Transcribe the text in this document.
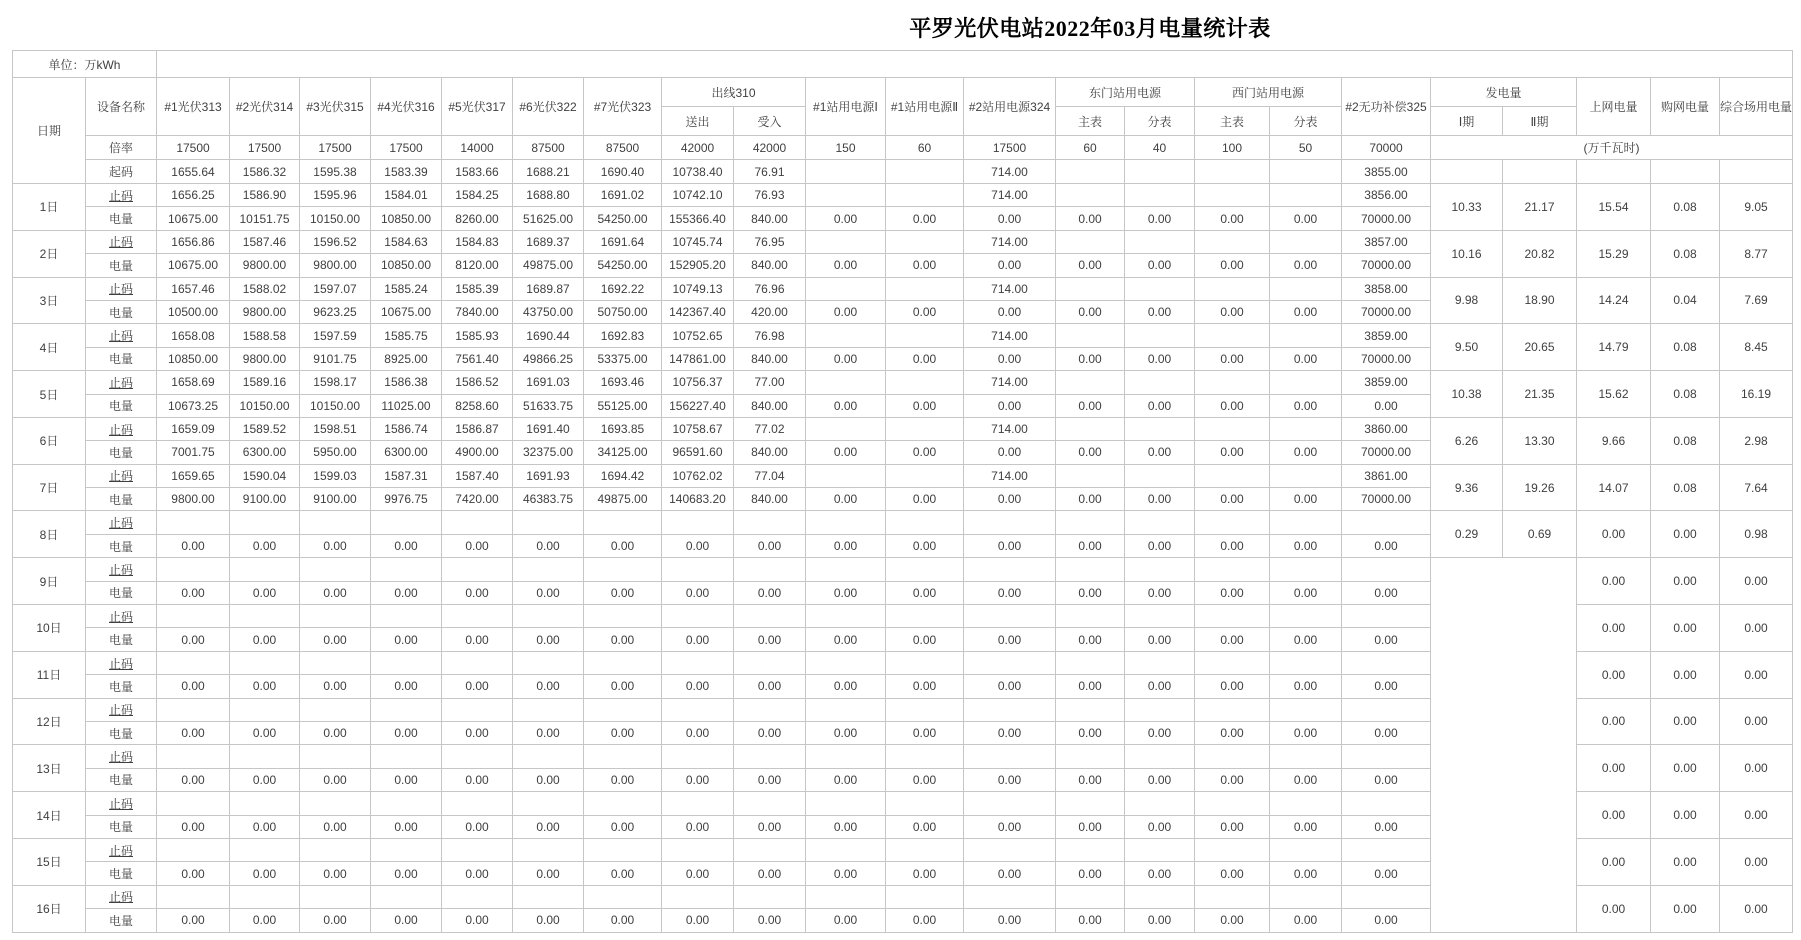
平罗光伏电站2022年03月电量统计表
单位：万kWh																							
日期	设备名称	#1光伏313	#2光伏314	#3光伏315	#4光伏316	#5光伏317	#6光伏322	#7光伏323	出线310		#1站用电源Ⅰ	#1站用电源Ⅱ	#2站用电源324	东门站用电源		西门站用电源		#2无功补偿325	发电量		上网电量	购网电量	综合场用电量
									送出	受入				主表	分表	主表	分表		Ⅰ期	Ⅱ期			
	倍率	17500	17500	17500	17500	14000	87500	87500	42000	42000	150	60	17500	60	40	100	50	70000	(万千瓦时)				
	起码	1655.64	1586.32	1595.38	1583.39	1583.66	1688.21	1690.40	10738.40	76.91			714.00					3855.00					
1日	止码	1656.25	1586.90	1595.96	1584.01	1584.25	1688.80	1691.02	10742.10	76.93			714.00					3856.00	10.33	21.17	15.54	0.08	9.05
	电量	10675.00	10151.75	10150.00	10850.00	8260.00	51625.00	54250.00	155366.40	840.00	0.00	0.00	0.00	0.00	0.00	0.00	0.00	70000.00					
2日	止码	1656.86	1587.46	1596.52	1584.63	1584.83	1689.37	1691.64	10745.74	76.95			714.00					3857.00	10.16	20.82	15.29	0.08	8.77
	电量	10675.00	9800.00	9800.00	10850.00	8120.00	49875.00	54250.00	152905.20	840.00	0.00	0.00	0.00	0.00	0.00	0.00	0.00	70000.00					
3日	止码	1657.46	1588.02	1597.07	1585.24	1585.39	1689.87	1692.22	10749.13	76.96			714.00					3858.00	9.98	18.90	14.24	0.04	7.69
	电量	10500.00	9800.00	9623.25	10675.00	7840.00	43750.00	50750.00	142367.40	420.00	0.00	0.00	0.00	0.00	0.00	0.00	0.00	70000.00					
4日	止码	1658.08	1588.58	1597.59	1585.75	1585.93	1690.44	1692.83	10752.65	76.98			714.00					3859.00	9.50	20.65	14.79	0.08	8.45
	电量	10850.00	9800.00	9101.75	8925.00	7561.40	49866.25	53375.00	147861.00	840.00	0.00	0.00	0.00	0.00	0.00	0.00	0.00	70000.00					
5日	止码	1658.69	1589.16	1598.17	1586.38	1586.52	1691.03	1693.46	10756.37	77.00			714.00					3859.00	10.38	21.35	15.62	0.08	16.19
	电量	10673.25	10150.00	10150.00	11025.00	8258.60	51633.75	55125.00	156227.40	840.00	0.00	0.00	0.00	0.00	0.00	0.00	0.00	0.00					
6日	止码	1659.09	1589.52	1598.51	1586.74	1586.87	1691.40	1693.85	10758.67	77.02			714.00					3860.00	6.26	13.30	9.66	0.08	2.98
	电量	7001.75	6300.00	5950.00	6300.00	4900.00	32375.00	34125.00	96591.60	840.00	0.00	0.00	0.00	0.00	0.00	0.00	0.00	70000.00					
7日	止码	1659.65	1590.04	1599.03	1587.31	1587.40	1691.93	1694.42	10762.02	77.04			714.00					3861.00	9.36	19.26	14.07	0.08	7.64
	电量	9800.00	9100.00	9100.00	9976.75	7420.00	46383.75	49875.00	140683.20	840.00	0.00	0.00	0.00	0.00	0.00	0.00	0.00	70000.00					
8日	止码																		0.29	0.69	0.00	0.00	0.98
	电量	0.00	0.00	0.00	0.00	0.00	0.00	0.00	0.00	0.00	0.00	0.00	0.00	0.00	0.00	0.00	0.00	0.00					
9日	止码																				0.00	0.00	0.00
	电量	0.00	0.00	0.00	0.00	0.00	0.00	0.00	0.00	0.00	0.00	0.00	0.00	0.00	0.00	0.00	0.00	0.00					
10日	止码																				0.00	0.00	0.00
	电量	0.00	0.00	0.00	0.00	0.00	0.00	0.00	0.00	0.00	0.00	0.00	0.00	0.00	0.00	0.00	0.00	0.00					
11日	止码																				0.00	0.00	0.00
	电量	0.00	0.00	0.00	0.00	0.00	0.00	0.00	0.00	0.00	0.00	0.00	0.00	0.00	0.00	0.00	0.00	0.00					
12日	止码																				0.00	0.00	0.00
	电量	0.00	0.00	0.00	0.00	0.00	0.00	0.00	0.00	0.00	0.00	0.00	0.00	0.00	0.00	0.00	0.00	0.00					
13日	止码																				0.00	0.00	0.00
	电量	0.00	0.00	0.00	0.00	0.00	0.00	0.00	0.00	0.00	0.00	0.00	0.00	0.00	0.00	0.00	0.00	0.00					
14日	止码																				0.00	0.00	0.00
	电量	0.00	0.00	0.00	0.00	0.00	0.00	0.00	0.00	0.00	0.00	0.00	0.00	0.00	0.00	0.00	0.00	0.00					
15日	止码																				0.00	0.00	0.00
	电量	0.00	0.00	0.00	0.00	0.00	0.00	0.00	0.00	0.00	0.00	0.00	0.00	0.00	0.00	0.00	0.00	0.00					
16日	止码																				0.00	0.00	0.00
	电量	0.00	0.00	0.00	0.00	0.00	0.00	0.00	0.00	0.00	0.00	0.00	0.00	0.00	0.00	0.00	0.00	0.00					
